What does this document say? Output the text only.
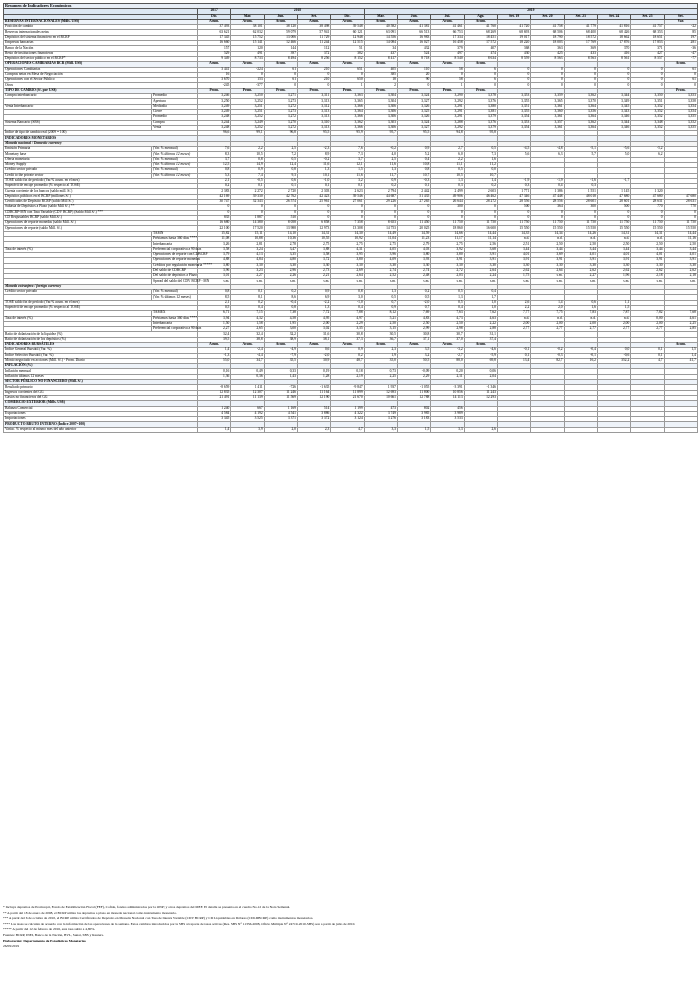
Resumen de Indicadores Económicos																
		2017	2018				2019									
		Dic.	Mar.	Jun.	Set.	Dic.	Mar.	Jun.	Jul.	Ago.	Set. 19	Set. 20	Set. 23	Set. 24	Set. 25	Set.
RESERVAS INTERNACIONALES (Mills. US$)		Acum.	Acum.	Acum.	Acum.	Acum.	Acum.	Acum.	Acum.	Acum.						Var.
Posición de cambio		37 493	38 101	38 120	38 498	39 548	40 582	41 381	41 461	41 760	41 720	41 758	41 779	41 816	41 757	-22
Reservas internacionales netas		63 621	62 032	59 079	57 941	60 121	63 091	66 513	66 753	68 269	68 693	68 506	68 400	68 426	68 353	85
Depósitos del sistema financiero en el BCRP		17 345	15 752	13 006	11 729	12 948	14 556	16 983	17 334	18 451	19 017	18 790	18 572	18 662	18 651	197
Empresas bancarias		16 660	15 141	12 466	11 244	12 515	14 084	16 027	16 458	17 572	18 220	18 003	17 769	17 876	17 853	281
Banco de la Nación		157	120	144	112	51	34	432	379	407	368	363	369	370	371	-36
Resto de instituciones financieras		529	491	397	372	382	437	524	497	474	430	425	433	416	427	-47
Depósitos del sector público en el BCRP*		9 349	8 733	8 494	8 256	8 152	8 417	8 718	8 540	8 634	8 559	8 563	8 563	8 561	8 557	-77
OPERACIONES CAMBIARIAS BCR (Mill. US$)		Acum.	Acum.	Acum.	Acum.	Acum.	Acum.	Acum.	Acum.	Acum.						Acum.
Operaciones Cambiarias		3 441	-224	61	210	651	405	110	58	6	0	0	0	0	0	61
Compras netas en Mesa de Negociación		16	0	0	0	0	385	20	0	0	0	0	0	0	0	0
Operaciones con el Sector Público		3 670	153	61	210	650	18	90	58	6	0	0	0	0	0	61
Otros		-245	-377	0	0	1	2	0	1	0	0	0	0	0	0	0
TIPO DE CAMBIO (S/. por US$)		Prom.	Prom.	Prom.	Prom.	Prom.	Prom.	Prom.	Prom.	Prom.						Prom.
Compra interbancario	Promedio	3,246	3,250	3,271	3,311	3,363	3,304	3,324	3,290	3,378	3,353	3,359	3,362	3,344	3,350	3,353
	Apertura	3,250	3,252	3,273	3,313	3,365	3,304	3,327	3,292	3,376	3,355	3,365	3,370	3,349	3,351	3,358
Venta Interbancario	Mediodía	3,249	3,251	3,272	3,312	3,366	3,306	3,326	3,291	3,380	3,351	3,361	3,364	3,345	3,352	3,354
	Cierre	3,249	3,251	3,273	3,313	3,364	3,306	3,325	3,291	3,381	3,355	3,360	3,356	3,343	3,352	3,354
	Promedio	3,248	3,252	3,272	3,313	3,366	3,306	3,326	3,291	3,379	3,354	3,361	3,364	3,346	3,352	3,355
Sistema Bancario (SBS)	Compra	3,244	3,249	3,270	3,310	3,362	3,303	3,324	3,288	3,376	3,353	3,357	3,362	3,344	3,348	3,352
	Venta	3,248	3,252	3,272	3,313	3,366	3,306	3,327	3,292	3,379	3,354	3,361	3,364	3,346	3,352	3,355
Índice de tipo de cambio real (2009 = 100)		96,6	99,1	96,8	95,5	95,9	95,7	95,5	94,8	95,8						
INDICADORES MONETARIOS																
Moneda nacional / Domestic currency																
Emisión Primaria	(Var. % mensual)	7,6	2,2	2,5	-2,3	7,6	-0,2	0,9	2,7	0,5	-4,5	-4,8	-5,1	-5,6	-5,2	
Monetary base	(Var. % últimos 12 meses)	8,3	10,5	7,2	8,9	7,3	4,0	5,2	6,0	7,3	5,6	6,3	5,7	5,0	6,2	
Oferta monetaria	(Var. % mensual)	3,7	0,8	0,5	-0,2	3,7	2,5	0,4	2,2	1,6						
Money Supply	(Var. % últimos 12 meses)	12,5	14,9	12,4	11,6	12,1	11,6	10,8	11,1	11,2						
Crédito sector privado	(Var. % mensual)	0,8	0,9	0,8	1,3	1,5	1,3	0,8	0,5	0,0						
Credit to the private sector	(Var. % últimos 12 meses)	5,3	7,4	9,3	10,1	11,6	11,7	10,7	10,5	10,7						
TOSE saldo fin de período (Var.% acum. en el mes)		2,1	-0,5	0,6	-1,0	3,2	0,9	-0,3	1,3	1,4	-1,9	-1,9	-1,6	-1,7		
Superávit de encaje promedio (% respecto al TOSE)		0,2	0,1	0,1	0,1	0,1	0,2	0,1	0,3	0,2	0,3	0,4	0,3			
Cuenta corriente de los bancos (saldo mill. S/.)		2 383	2 272	2 720	2 303	2 623	2 794	2 442	2 499	2 603	1 771	1 386	1 551	1 145	1 320	
Depósitos públicos en el BCRP (millones S/.)		42 169	39 330	42 762	42 423	39 546	44 687	51 435	49 906	46 462	47 346	47 448	48 018	47 680	47 680	47 680
Certificados de Depósito BCRP (saldo Mill S/.)		30 747	32 343	26 574	25 961	27 061	29 226	27 265	26 644	28 272	28 556	28 556	28 601	28 601	28 631	28 631
Subasta de Depósitos a Plazo (saldo Mill S/.) **		0	0	0	0	0	0	0	300	0	500	364	300	500	770	770
CDBCRP-MN con Tasa Variable (CDV BCRP) (Saldo Mill S/.) ***		0	0	0	0	0	0	0	0	0	0	0	0	0	0	0
CD Reajustables BCRP (saldo Mill.S/.)		835	1 887	510	0	0	0	0	0	0	0	0	0	0	0	0
Operaciones de reporte monedas (saldo Mill. S/.)		16 680	14 380	8 058	6 858	7 358	8 653	11 450	11 750	11 750	11 750	11 750	11 750	11 750	11 750	11 750
Operaciones de reporte (saldo Mill. S/.)		22 100	17 520	13 988	12 973	13 308	14 753	20 025	18 860	16 600	15 550	15 550	15 550	15 550	15 550	15 550
	TAMN	15,82	15,11	14,10	14,31	14,30	14,49	14,59	14,66	14,44	14,35	14,34	14,26	14,31	14,31	14,44
	Préstamos hasta 360 días ****	11,08	10,88	10,36	10,55	10,92	11,04	11,23	11,17	11,14	n.d.	n.d.	n.d.	n.d.	n.d.	11,16
	Interbancaria	3,26	2,81	2,78	2,75	2,75	2,75	2,79	2,75	2,56	2,51	2,50	2,50	2,50	2,50	2,50
Tasa de interés (%)	Preferencial corporativa a 90 días	3,58	3,24	3,47	3,88	4,31	4,05	4,03	3,92	3,68	3,44	3,44	3,44	3,44	3,44	3,44
	Operaciones de reporte con CDBCRP	3,79	4,13	3,35	3,58	3,95	3,96	3,80	3,80	3,91	4,01	3,69	4,01	4,01	4,01	4,01
	Operaciones de reporte monedas	4,88	4,84	4,80	3,72	3,80	4,09	3,93	3,91	3,91	3,91	3,91	3,91	3,91	3,91	3,91
	Créditos por regulación monetaria *****	3,80	3,30	3,30	3,30	3,30	3,30	3,30	3,30	3,30	3,30	3,30	3,30	3,30	3,30	3,30
	Del saldo de CDBCRP	3,96	3,23	2,96	2,73	2,69	2,74	2,74	2,72	2,64	2,62	2,64	2,62	2,62	2,62	2,62
	Del saldo de depósitos a Plazo	3,01	2,27	2,26	2,21	2,64	2,52	2,48	2,03	2,24	1,75	s.m.	2,27	1,96	2,18	2,18
	Spread del saldo del CDV BCRP - MN	s.m.	s.m.	s.m.	s.m.	s.m.	s.m.	s.m.	s.m.	s.m.	s.m.	s.m.	s.m.	s.m.	s.m.	s.m.
Moneda extranjera / foreign currency																
Crédito sector privado	(Var. % mensual)	0,8	0,1	0,2	0,9	0,8	1,3	0,2	0,5	0,4						
	(Var. % últimos 12 meses)	8,5	8,1	8,6	6,9	3,0	0,5	0,5	1,3	1,7						
TOSE saldo fin de período (Var.% acum. en el mes)		2,1	0,2	-0,4	-2,2	-1,0	0,7	-2,0	0,5	1,0	2,6	1,4	0,6	1,1		
Superávit de encaje promedio (% respecto al TOSE)		0,5	0,4	0,8	1,3	0,4	0,9	0,7	0,4	1,0	2,2	2,0	1,6	1,5		
	TAMEX	6,71	7,15	7,38	7,72	7,88	8,12	7,69	7,63	7,62	7,77	7,75	7,83	7,87	7,82	7,68
Tasa de interés (%)	Préstamos hasta 360 días ****	3,94	4,32	4,58	4,95	4,97	5,21	4,83	4,73	4,63	n.d.	n.d.	n.d.	n.d.	0,00	4,61
	Interbancaria	1,50	1,58	1,95	2,00	2,29	2,50	2,50	2,50	2,22	2,00	2,00	2,00	2,00	2,00	2,25
	Preferencial corporativa a 90 días	2,27	2,65	3,00	3,02	3,35	3,15	2,99	2,98	2,88	2,77	2,77	2,77	2,77	2,77	2,85
Ratio de dolarización de la liquidez (%)		32,4	32,4	32,2	31,6	30,8	30,5	30,8	30,7	31,1						
Ratio de dolarización de los depósitos (%)		39,5	38,8	38,9	38,1	37,3	36,7	37,1	37,0	37,4						
INDICADORES BURSÁTILES		Acum.	Acum.	Acum.	Acum.	Acum.	Acum.	Acum.	Acum.	Acum.						Acum.
Índice General Bursátil (Var. %)		1,4	-2,4	-4,9	0,6	0,9	2,3	3,5	-3,2	-4,6	-0,1	-0,2	-0,4	0,0	0,1	1,5
Índice Selectivo Bursátil (Var. %)		-1,3	-4,4	-7,9	-2,0	0,2	1,9	3,2	-2,7	-5,9	0,1	-0,3	-0,1	-0,6	0,1	1,4
Monto negociado en acciones (Mill. S/.) - Prom. Diario		55,0	34,7	35,5	30,9	48,7	35,0	50,5	88,0	69,8	13,4	82,7	16,2	352,2	4,7	41,7
INFLACIÓN (%)																
Inflación mensual		0,16	0,49	0,33	0,19	0,18	0,73	-0,09	0,20	0,06						
Inflación últimos 12 meses		1,36	0,36	1,43	1,28	2,19	2,25	2,29	2,11	2,04						
SECTOR PÚBLICO NO FINANCIERO (Mill. S/.)																
Resultado primario		-8 659	1 411	-726	-1 635	-9 847	1 937	-1 055	-3 391	-1 346						
Ingresos corrientes del GG		12 835	12 307	11 246	11 164	11 899	12 693	11 800	10 856	11 243						
Gastos no financieros del GG		21 491	11 139	11 569	12 190	21 670	10 661	12 788	14 113	12 293						
COMERCIO EXTERIOR (Mills. US$)																
Balanza Comercial		1 240	667	1 169	514	1 199	473	802	456							
Exportaciones		4 584	4 192	4 541	3 886	4 322	3 749	3 985	3 989							
Importaciones		3 345	3 525	3 371	3 372	3 124	3 276	3 183	3 533							
PRODUCTO BRUTO INTERNO (Índice 2007=100)																
Variac. % respecto al mismo mes del año anterior		1,4	3,9	2,0	2,3	4,7	3,3	1,5	3,3	2,6						
* Incluye depósitos de Promcepri, Fondo de Estabilización Fiscal (FEF), Cofide, fondos administrados por la ONP; y otros depósitos del MEF. El detalle se presenta en el cuadro No.12 de la Nota Semanal.
** A partir del 18 de enero de 2008, el BCRP utiliza los depósitos a plazo en moneda nacional como instrumento monetario.
*** A partir del 6 de octubre de 2010, el BCRP utiliza Certificados de Depósito en Moneda Nacional con Tasa de Interés Variable (CDV BCRP) y CD Liquidables en Dólares (CDLDBCRP) como instrumentos monetarios.
**** Las tasas se calculan de acuerdo con la información de las operaciones de la semana. Estos cambios introducidos por la SBS al reporte de tasas activas (Res. SBS N° 11356-2008, Oficio Múltiple N° 24719-2010-SBS) son a partir de julio de 2010.
***** A partir del 12 de febrero de 2016, esta tasa subió a 4,80%.
Fuentes: BCRP, INEI, Banco de la Nación, BVL, Sunat, SBS y Reuters.
Elaboración: Departamento de Estadísticas Monetarias
26/09/2019
